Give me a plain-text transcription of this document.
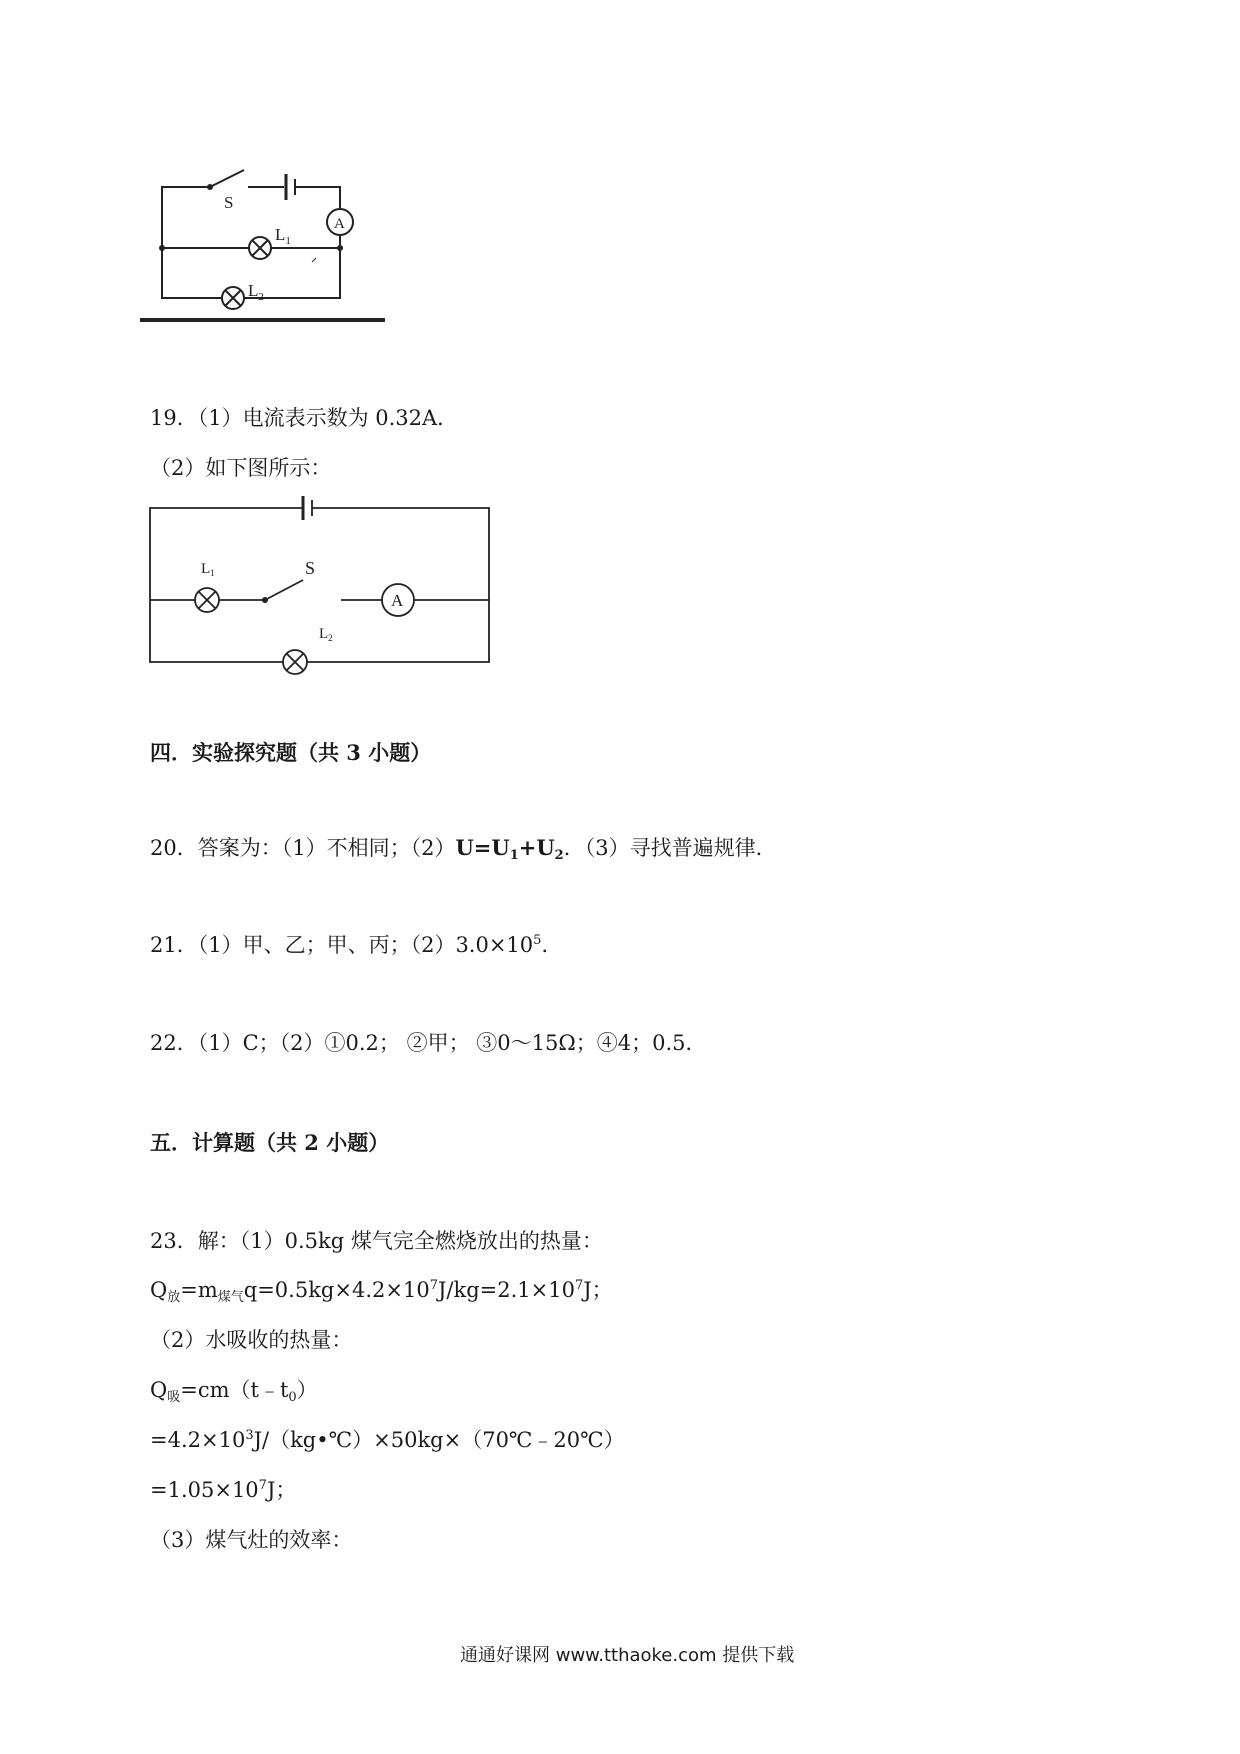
S
A
$L_1$
$L_2$
19．（1）电流表示数为 0.32A．
（2）如下图所示：
$L_1$	S
A
$L_2$
四．实验探究题（共 3 小题）
20．答案为：（1）不相同；$(2)U=U_1+U_2$．（3）寻找普遍规律．
21．（1）甲、乙；甲、丙；$(2)3.0\times 10^5$．
22．（1）C；（2）①0.2； ②甲； ③0～15Ω；④4；0.5．
五．计算题（共 2 小题）
23．解：（1）0.5kg 煤气完全燃烧放出的热量：
$Q_放=m_{煤气}q=0.5kg\times 4.2\times 10^7J/kg=2.1\times 10^7J$；
（2）水吸收的热量：
$Q_吸=cm(t﹣t_0)$
$=4.2\times 10^3J/(kg•℃)\times 50kg\times(70℃﹣20℃)$
$=1.05\times 10^7J$；
（3）煤气灶的效率：
通通好课网 www.tthaoke.com 提供下载
